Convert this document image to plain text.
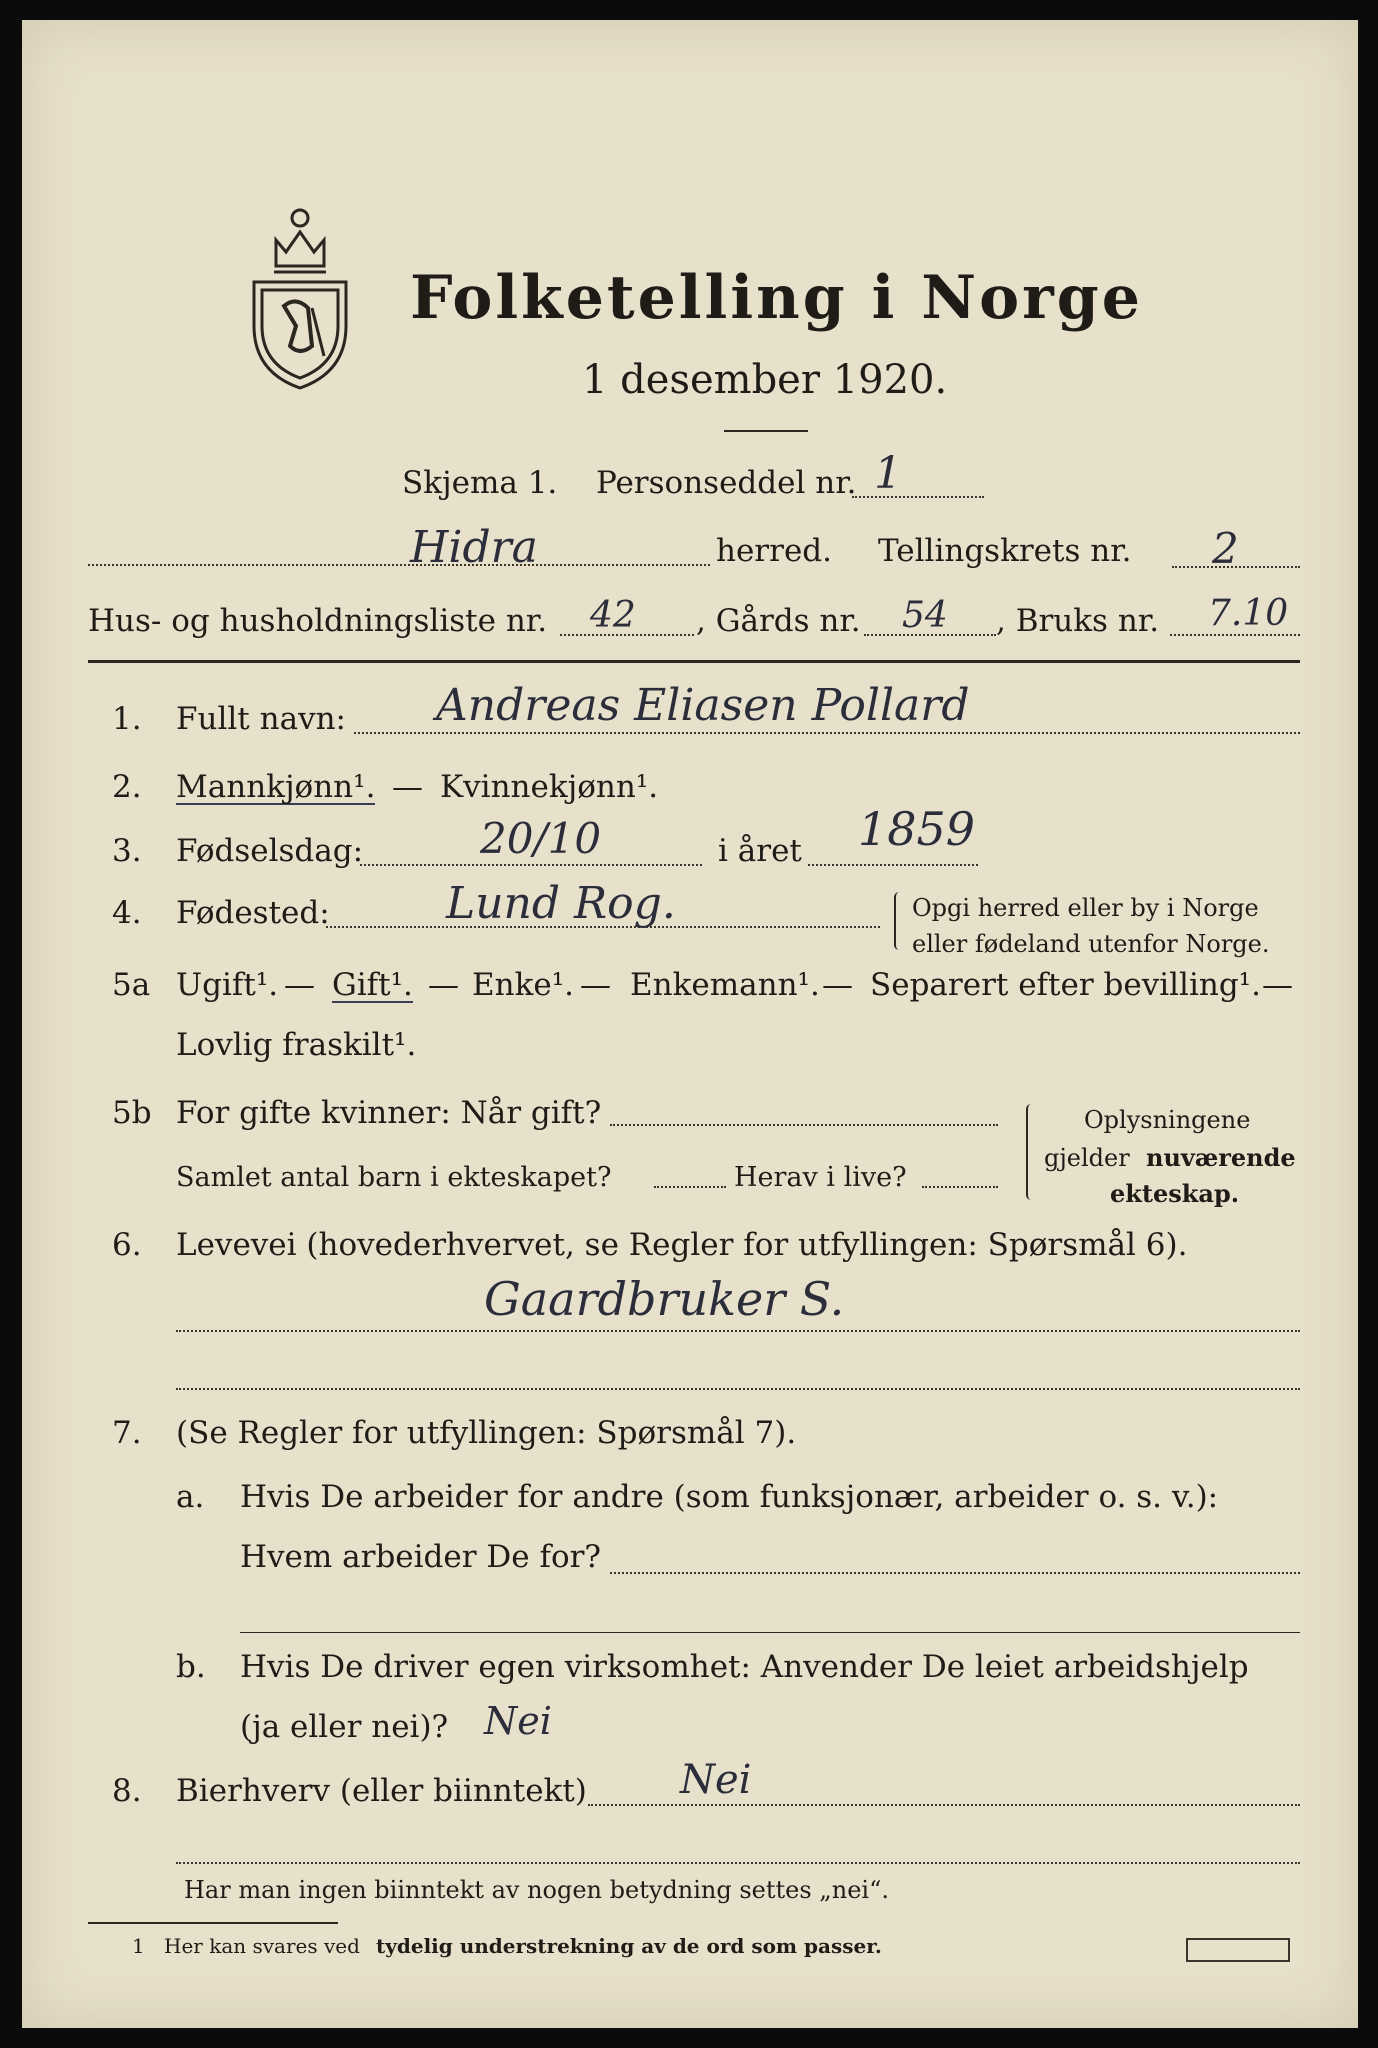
Folketelling i Norge
1 desember 1920.
Skjema 1. Personseddel nr. 1
Hidra	herred. Tellingskrets nr. 2
Hus- og husholdningsliste nr. 42 , Gårds nr. 54 , Bruks nr. 7.10
1. Fullt navn: Andreas Eliasen Pollard
2. Mannkjønn¹. — Kvinnekjønn¹.
3. Fødselsdag:	20/10	i året 1859
4. Fødested:	Lund Rog.	Opgi herred eller by i Norge
eller fødeland utenfor Norge.
5a Ugift¹. — Gift¹. — Enke¹. — Enkemann¹. — Separert efter bevilling¹. —
Lovlig fraskilt¹.
5b For gifte kvinner: Når gift?
Samlet antal barn i ekteskapet?	Herav i live?
Oplysningene
gjelder nuværende
ekteskap.
6. Levevei (hovederhvervet, se Regler for utfyllingen: Spørsmål 6).
Gaardbruker S.
7. (Se Regler for utfyllingen: Spørsmål 7).
a. Hvis De arbeider for andre (som funksjonær, arbeider o. s. v.):
Hvem arbeider De for?
b. Hvis De driver egen virksomhet: Anvender De leiet arbeidshjelp
(ja eller nei)? Nei
8. Bierhverv (eller biinntekt) Nei
Har man ingen biinntekt av nogen betydning settes „nei“.
1 Her kan svares ved tydelig understrekning av de ord som passer.
